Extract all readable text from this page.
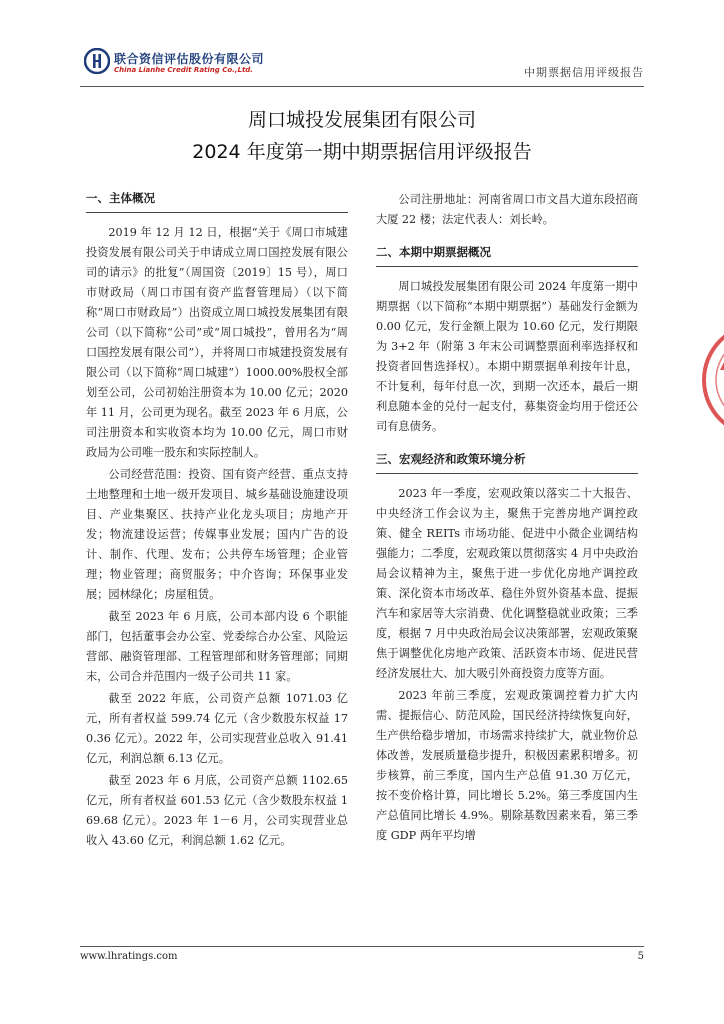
联合资信评估股份有限公司
China Lianhe Credit Rating Co.,Ltd.	中期票据信用评级报告

周口城投发展集团有限公司

2024 年度第一期中期票据信用评级报告

一、主体概况

2019 年 12 月 12 日，根据“关于《周口市城建投资发展有限公司关于申请成立周口国控发展有限公司的请示》的批复”（周国资〔2019〕15 号），周口市财政局（周口市国有资产监督管理局）（以下简称“周口市财政局”）出资成立周口城投发展集团有限公司（以下简称“公司”或“周口城投”，曾用名为“周口国控发展有限公司”），并将周口市城建投资发展有限公司（以下简称“周口城建”）1000.00%股权全部划至公司，公司初始注册资本为 10.00 亿元；2020 年 11 月，公司更为现名。截至 2023 年 6 月底，公司注册资本和实收资本均为 10.00 亿元，周口市财政局为公司唯一股东和实际控制人。

公司经营范围：投资、国有资产经营、重点支持土地整理和土地一级开发项目、城乡基础设施建设项目、产业集聚区、扶持产业化龙头项目；房地产开发；物流建设运营；传媒事业发展；国内广告的设计、制作、代理、发布；公共停车场管理；企业管理；物业管理；商贸服务；中介咨询；环保事业发展；园林绿化；房屋租赁。

截至 2023 年 6 月底，公司本部内设 6 个职能部门，包括董事会办公室、党委综合办公室、风险运营部、融资管理部、工程管理部和财务管理部；同期末，公司合并范围内一级子公司共 11 家。

截至 2022 年底，公司资产总额 1071.03 亿元，所有者权益 599.74 亿元（含少数股东权益 170.36 亿元）。2022 年，公司实现营业总收入 91.41 亿元，利润总额 6.13 亿元。

截至 2023 年 6 月底，公司资产总额 1102.65 亿元，所有者权益 601.53 亿元（含少数股东权益 169.68 亿元）。2023 年 1－6 月，公司实现营业总收入 43.60 亿元，利润总额 1.62 亿元。

公司注册地址：河南省周口市文昌大道东段招商大厦 22 楼；法定代表人：刘长岭。

二、本期中期票据概况

周口城投发展集团有限公司 2024 年度第一期中期票据（以下简称“本期中期票据”）基础发行金额为 0.00 亿元，发行金额上限为 10.60 亿元，发行期限为 3+2 年（附第 3 年末公司调整票面利率选择权和投资者回售选择权）。本期中期票据单利按年计息，不计复利，每年付息一次，到期一次还本，最后一期利息随本金的兑付一起支付，募集资金均用于偿还公司有息债务。

三、宏观经济和政策环境分析

2023 年一季度，宏观政策以落实二十大报告、中央经济工作会议为主，聚焦于完善房地产调控政策、健全 REITs 市场功能、促进中小微企业调结构强能力；二季度，宏观政策以贯彻落实 4 月中央政治局会议精神为主，聚焦于进一步优化房地产调控政策、深化资本市场改革、稳住外贸外资基本盘、提振汽车和家居等大宗消费、优化调整稳就业政策；三季度，根据 7 月中央政治局会议决策部署，宏观政策聚焦于调整优化房地产政策、活跃资本市场、促进民营经济发展壮大、加大吸引外商投资力度等方面。

2023 年前三季度，宏观政策调控着力扩大内需、提振信心、防范风险，国民经济持续恢复向好，生产供给稳步增加，市场需求持续扩大，就业物价总体改善，发展质量稳步提升，积极因素累积增多。初步核算，前三季度，国内生产总值 91.30 万亿元，按不变价格计算，同比增长 5.2%。第三季度国内生产总值同比增长 4.9%。剔除基数因素来看，第三季度 GDP 两年平均增

www.lhratings.com	5
